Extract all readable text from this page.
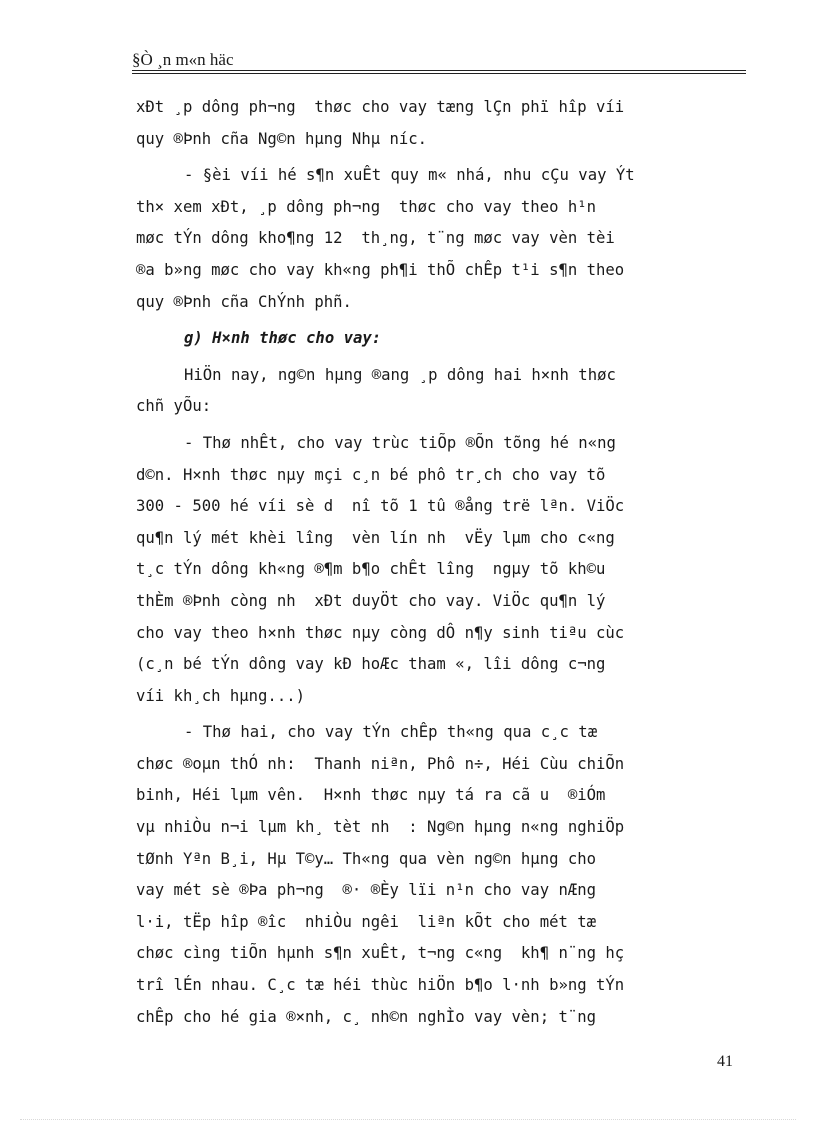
§Ò ¸n m«n häc
xÐt ¸p dông ph¬ng  thøc cho vay tæng lÇn phï hîp víi
quy ®Þnh cña Ng©n hµng Nhµ níc.
- §èi víi hé s¶n xuÊt quy m« nhá, nhu cÇu vay Ýt
th× xem xÐt, ¸p dông ph¬ng  thøc cho vay theo h¹n
møc tÝn dông kho¶ng 12  th¸ng, t¨ng møc vay vèn tèi
®a b»ng møc cho vay kh«ng ph¶i thÕ chÊp t¹i s¶n theo
quy ®Þnh cña ChÝnh phñ.
g) H×nh thøc cho vay:
HiÖn nay, ng©n hµng ®ang ¸p dông hai h×nh thøc
chñ yÕu:
- Thø nhÊt, cho vay trùc tiÕp ®Õn tõng hé n«ng
d©n. H×nh thøc nµy mçi c¸n bé phô tr¸ch cho vay tõ
300 - 500 hé víi sè d  nî tõ 1 tû ®ång trë lªn. ViÖc
qu¶n lý mét khèi lîng  vèn lín nh  vËy lµm cho c«ng
t¸c tÝn dông kh«ng ®¶m b¶o chÊt lîng  ngµy tõ kh©u
thÈm ®Þnh còng nh  xÐt duyÖt cho vay. ViÖc qu¶n lý
cho vay theo h×nh thøc nµy còng dÔ n¶y sinh tiªu cùc
(c¸n bé tÝn dông vay kÐ hoÆc tham «, lîi dông c¬ng
víi kh¸ch hµng...)
- Thø hai, cho vay tÝn chÊp th«ng qua c¸c tæ
chøc ®oµn thÓ nh:  Thanh niªn, Phô n÷, Héi Cùu chiÕn
binh, Héi lµm vên.  H×nh thøc nµy tá ra cã u  ®iÓm
vµ nhiÒu n¬i lµm kh¸ tèt nh  : Ng©n hµng n«ng nghiÖp
tØnh Yªn B¸i, Hµ T©y… Th«ng qua vèn ng©n hµng cho
vay mét sè ®Þa ph¬ng  ®· ®Èy lïi n¹n cho vay nÆng
l·i, tËp hîp ®îc  nhiÒu ngêi  liªn kÕt cho mét tæ
chøc cìng tiÕn hµnh s¶n xuÊt, t¬ng c«ng  kh¶ n¨ng hç
trî lÉn nhau. C¸c tæ héi thùc hiÖn b¶o l·nh b»ng tÝn
chÊp cho hé gia ®×nh, c¸ nh©n nghÌo vay vèn; t¨ng
41
